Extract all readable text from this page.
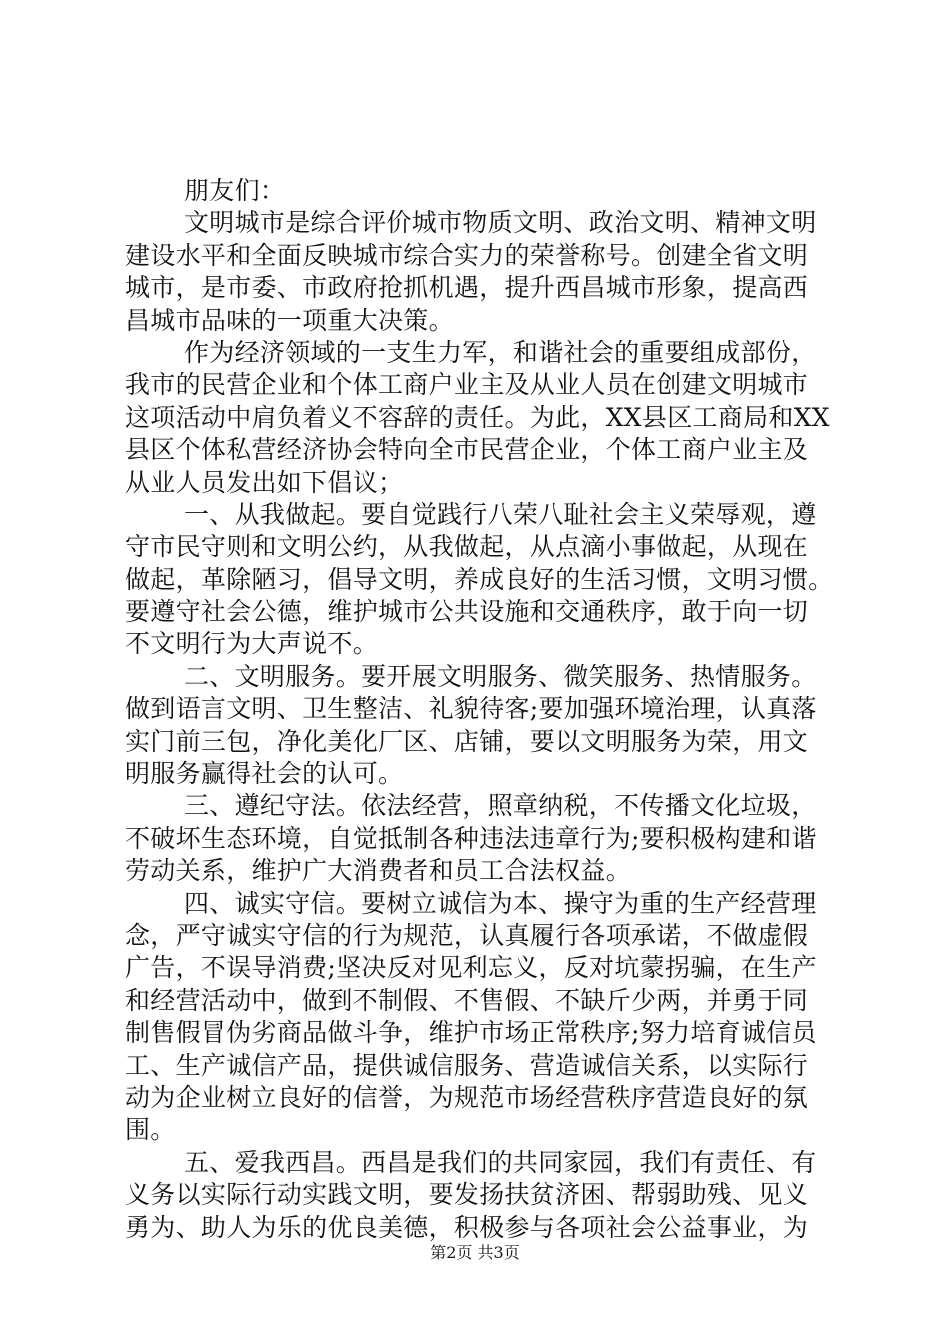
朋友们：
文明城市是综合评价城市物质文明、政治文明、精神文明
建设水平和全面反映城市综合实力的荣誉称号。创建全省文明
城市，是市委、市政府抢抓机遇，提升西昌城市形象，提高西
昌城市品味的一项重大决策。
作为经济领域的一支生力军，和谐社会的重要组成部份，
我市的民营企业和个体工商户业主及从业人员在创建文明城市
这项活动中肩负着义不容辞的责任。为此，XX县区工商局和XX
县区个体私营经济协会特向全市民营企业，个体工商户业主及
从业人员发出如下倡议；
一、从我做起。要自觉践行八荣八耻社会主义荣辱观，遵
守市民守则和文明公约，从我做起，从点滴小事做起，从现在
做起，革除陋习，倡导文明，养成良好的生活习惯，文明习惯。
要遵守社会公德，维护城市公共设施和交通秩序，敢于向一切
不文明行为大声说不。
二、文明服务。要开展文明服务、微笑服务、热情服务。
做到语言文明、卫生整洁、礼貌待客;要加强环境治理，认真落
实门前三包，净化美化厂区、店铺，要以文明服务为荣，用文
明服务赢得社会的认可。
三、遵纪守法。依法经营，照章纳税，不传播文化垃圾，
不破坏生态环境，自觉抵制各种违法违章行为;要积极构建和谐
劳动关系，维护广大消费者和员工合法权益。
四、诚实守信。要树立诚信为本、操守为重的生产经营理
念，严守诚实守信的行为规范，认真履行各项承诺，不做虚假
广告，不误导消费;坚决反对见利忘义，反对坑蒙拐骗，在生产
和经营活动中，做到不制假、不售假、不缺斤少两，并勇于同
制售假冒伪劣商品做斗争，维护市场正常秩序;努力培育诚信员
工、生产诚信产品，提供诚信服务、营造诚信关系，以实际行
动为企业树立良好的信誉，为规范市场经营秩序营造良好的氛
围。
五、爱我西昌。西昌是我们的共同家园，我们有责任、有
义务以实际行动实践文明，要发扬扶贫济困、帮弱助残、见义
勇为、助人为乐的优良美德，积极参与各项社会公益事业，为
第2页 共3页
